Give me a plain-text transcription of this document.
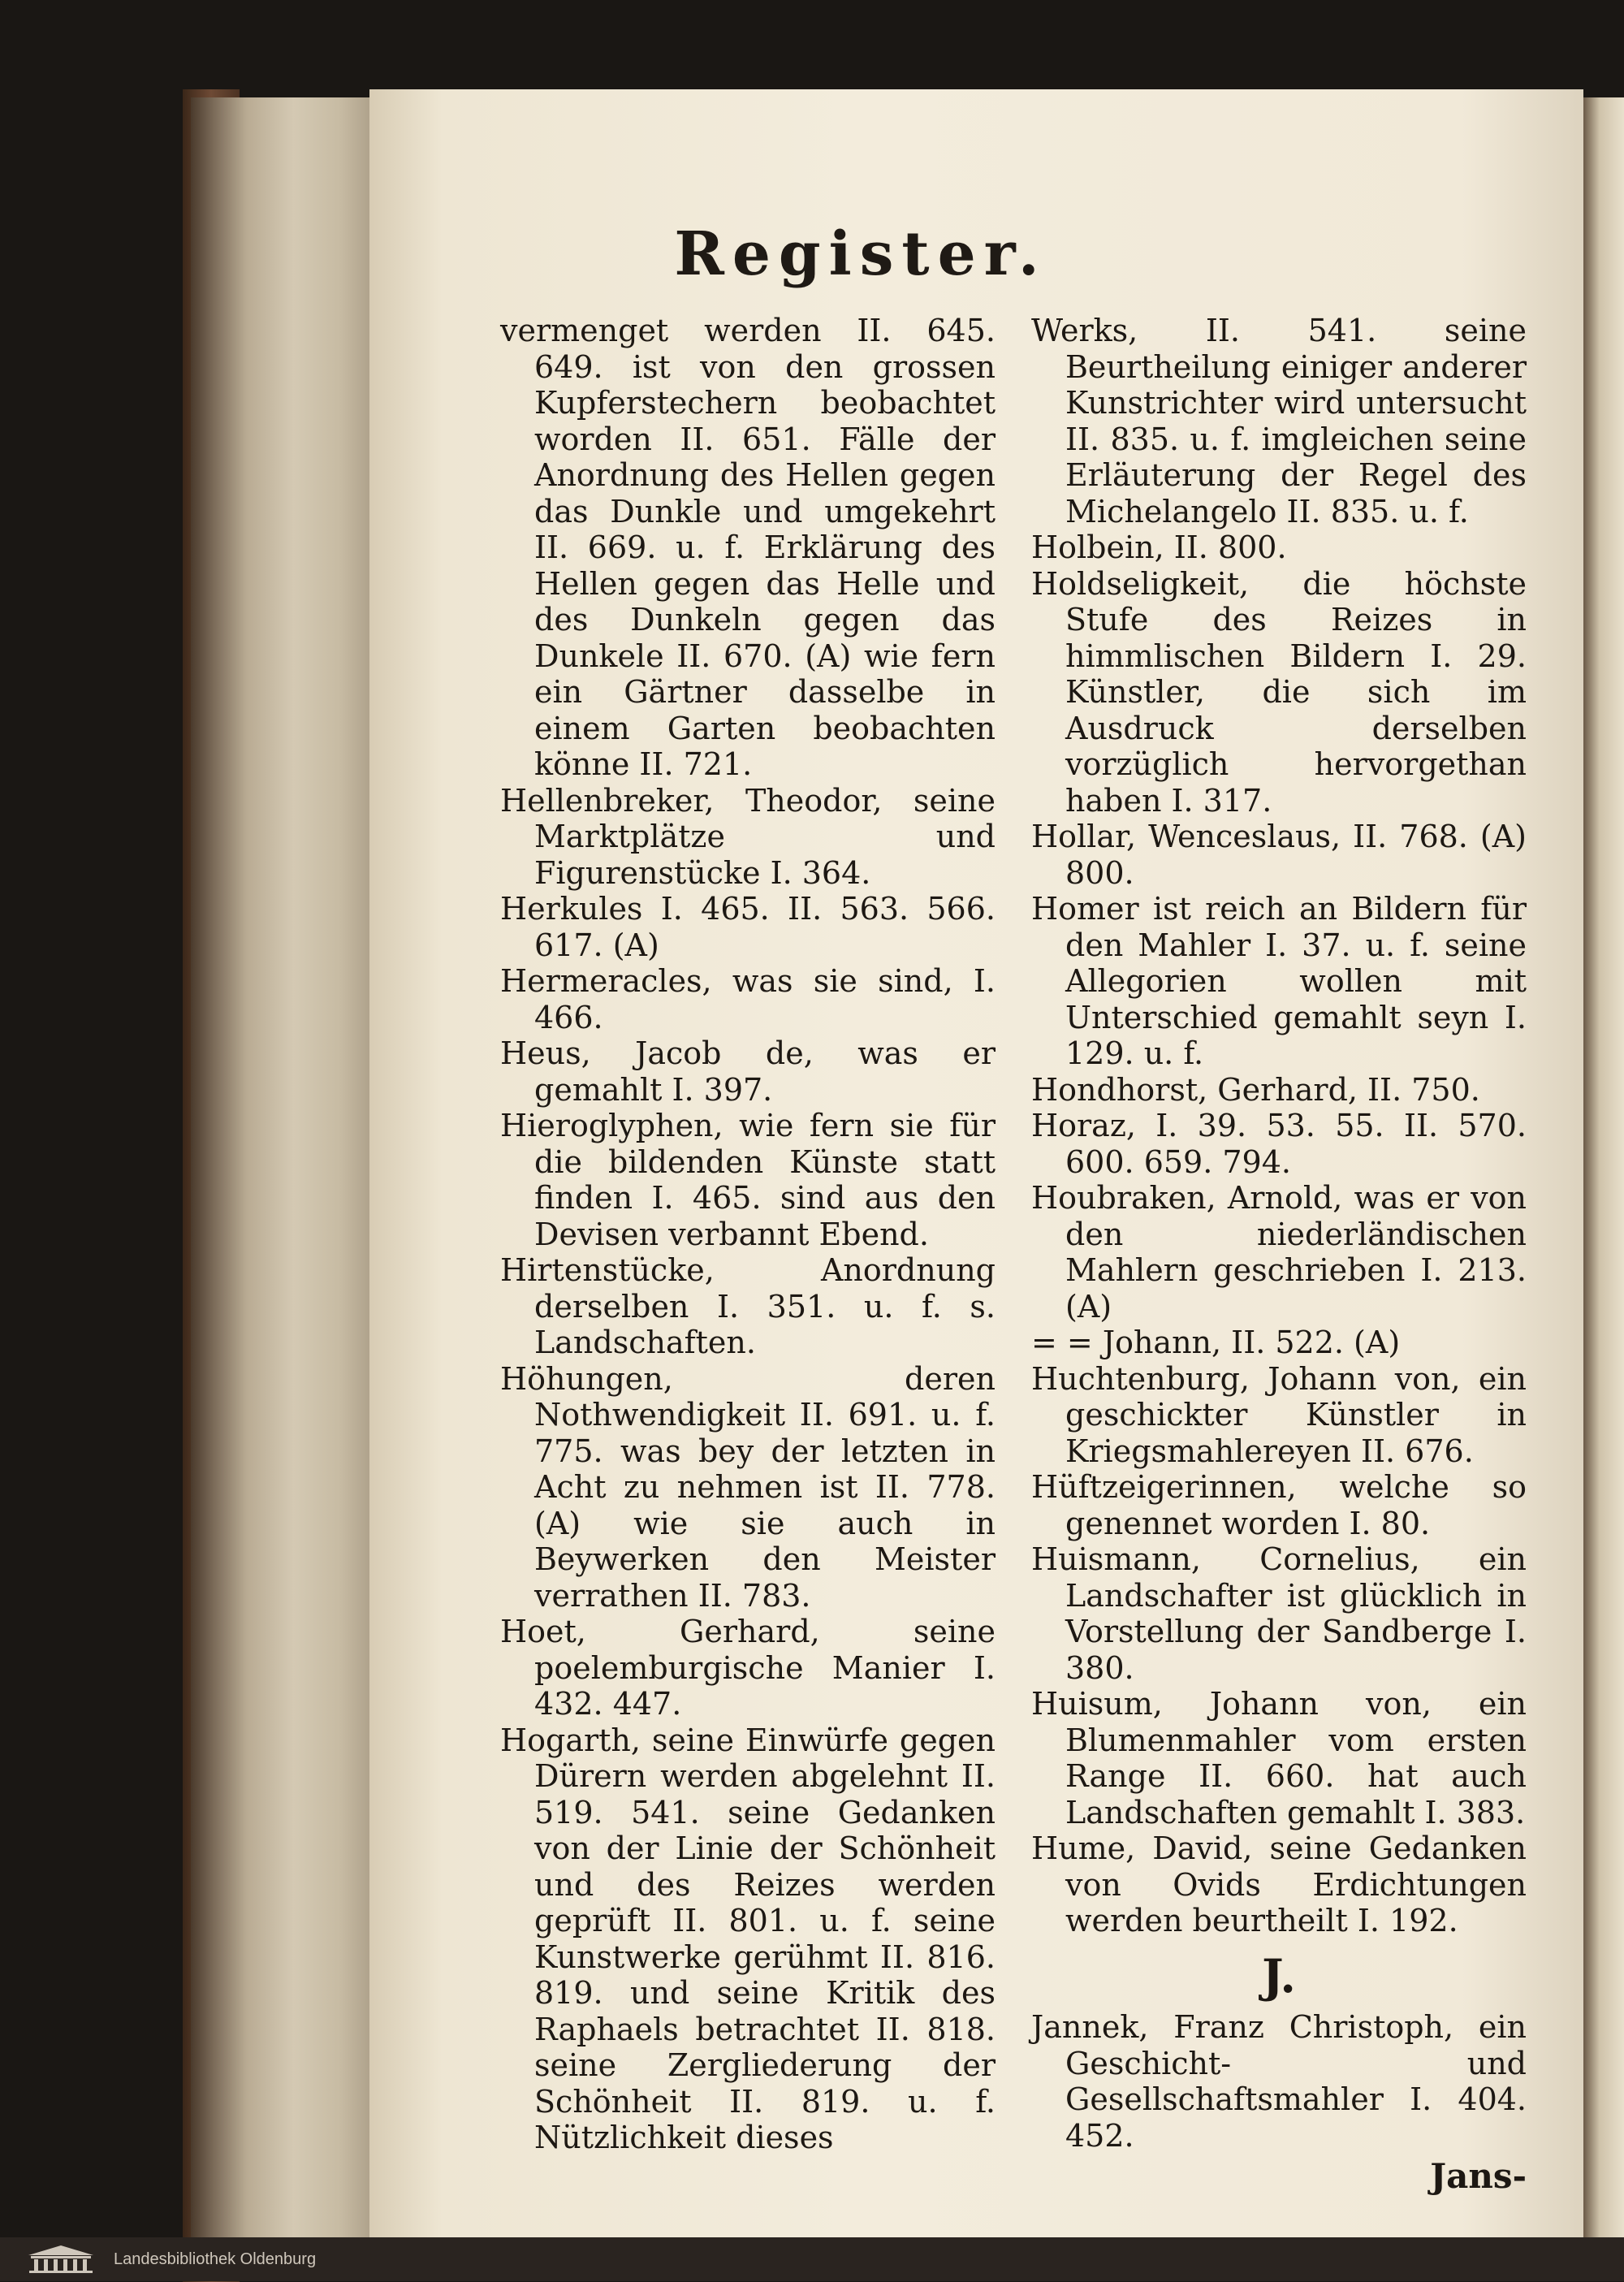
Register.

vermenget werden II. 645. 649. ist von den grossen Kupferstechern beobachtet worden II. 651. Fälle der Anordnung des Hellen gegen das Dunkle und umgekehrt II. 669. u. f. Erklärung des Hellen gegen das Helle und des Dunkeln gegen das Dunkele II. 670. (A) wie fern ein Gärtner dasselbe in einem Garten beobachten könne II. 721.

Hellenbreker, Theodor, seine Marktplätze und Figurenstücke I. 364.

Herkules I. 465. II. 563. 566. 617. (A)

Hermeracles, was sie sind, I. 466.

Heus, Jacob de, was er gemahlt I. 397.

Hieroglyphen, wie fern sie für die bildenden Künste statt finden I. 465. sind aus den Devisen verbannt Ebend.

Hirtenstücke, Anordnung derselben I. 351. u. f. s. Landschaften.

Höhungen, deren Nothwendigkeit II. 691. u. f. 775. was bey der letzten in Acht zu nehmen ist II. 778. (A) wie sie auch in Beywerken den Meister verrathen II. 783.

Hoet, Gerhard, seine poelemburgische Manier I. 432. 447.

Hogarth, seine Einwürfe gegen Dürern werden abgelehnt II. 519. 541. seine Gedanken von der Linie der Schönheit und des Reizes werden geprüft II. 801. u. f. seine Kunstwerke gerühmt II. 816. 819. und seine Kritik des Raphaels betrachtet II. 818. seine Zergliederung der Schönheit II. 819. u. f. Nützlichkeit dieses

Werks, II. 541. seine Beurtheilung einiger anderer Kunstrichter wird untersucht II. 835. u. f. imgleichen seine Erläuterung der Regel des Michelangelo II. 835. u. f.

Holbein, II. 800.

Holdseligkeit, die höchste Stufe des Reizes in himmlischen Bildern I. 29. Künstler, die sich im Ausdruck derselben vorzüglich hervorgethan haben I. 317.

Hollar, Wenceslaus, II. 768. (A) 800.

Homer ist reich an Bildern für den Mahler I. 37. u. f. seine Allegorien wollen mit Unterschied gemahlt seyn I. 129. u. f.

Hondhorst, Gerhard, II. 750.

Horaz, I. 39. 53. 55. II. 570. 600. 659. 794.

Houbraken, Arnold, was er von den niederländischen Mahlern geschrieben I. 213. (A)

= = Johann, II. 522. (A)

Huchtenburg, Johann von, ein geschickter Künstler in Kriegsmahlereyen II. 676.

Hüftzeigerinnen, welche so genennet worden I. 80.

Huismann, Cornelius, ein Landschafter ist glücklich in Vorstellung der Sandberge I. 380.

Huisum, Johann von, ein Blumenmahler vom ersten Range II. 660. hat auch Landschaften gemahlt I. 383.

Hume, David, seine Gedanken von Ovids Erdichtungen werden beurtheilt I. 192.

J.

Jannek, Franz Christoph, ein Geschicht- und Gesellschaftsmahler I. 404. 452.

Jans-
Landesbibliothek Oldenburg
